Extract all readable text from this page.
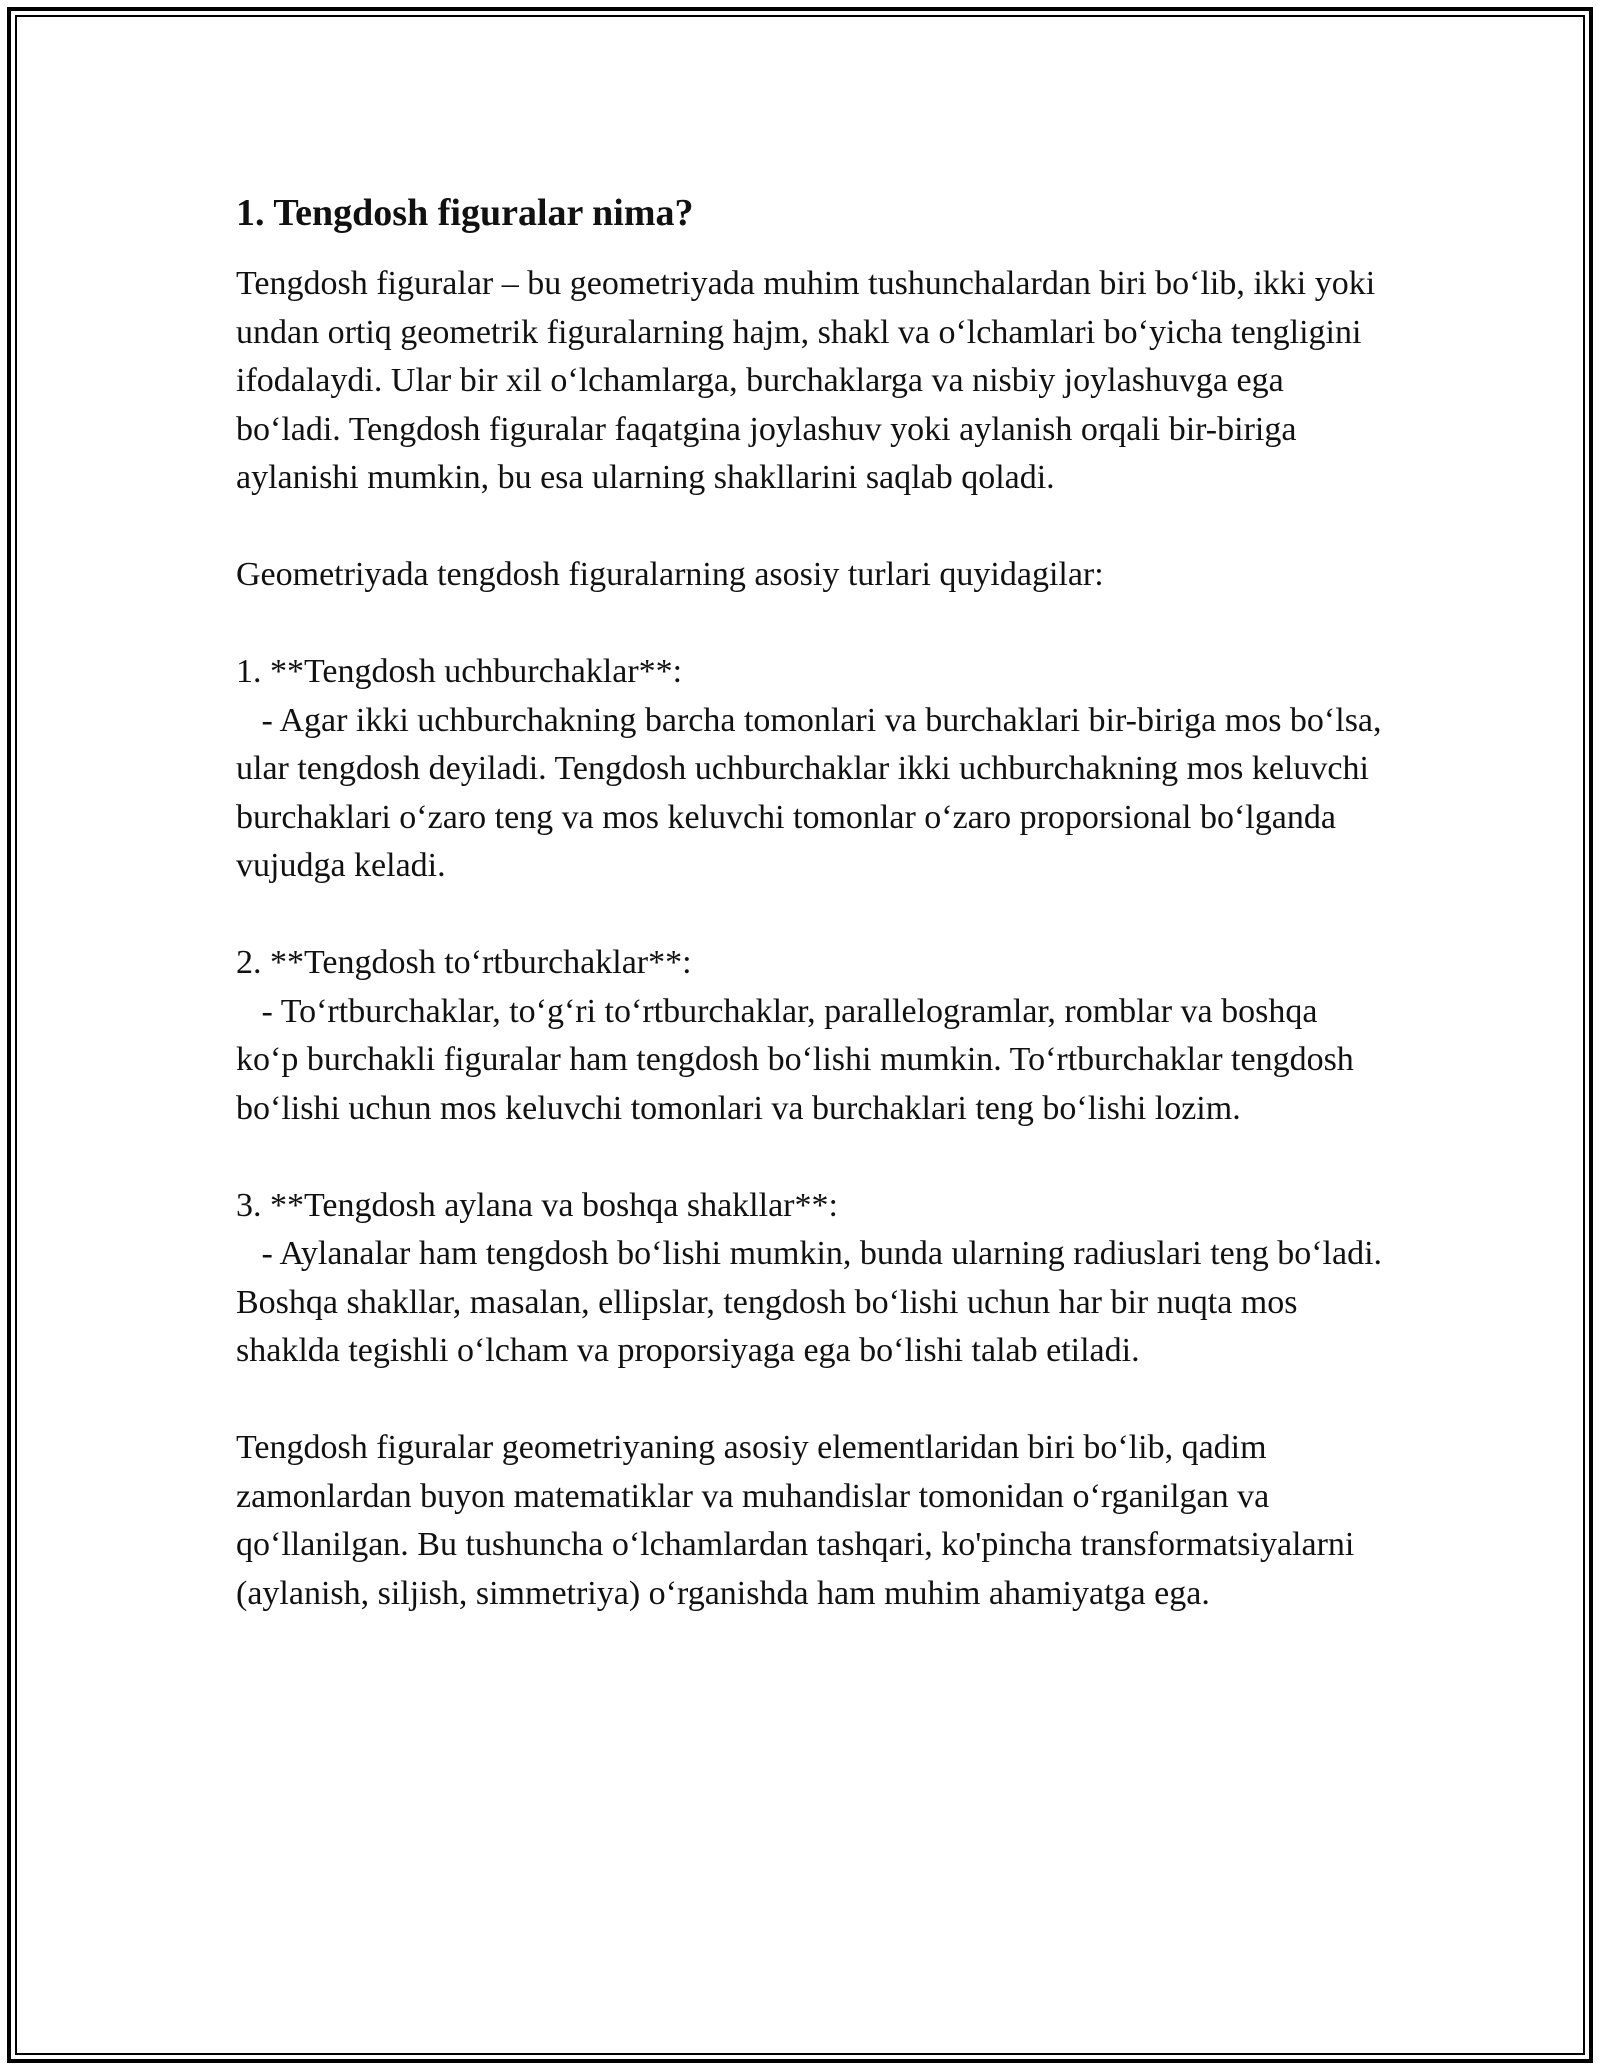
1. Tengdosh figuralar nima?

Tengdosh figuralar – bu geometriyada muhim tushunchalardan biri bo‘lib, ikki yoki undan ortiq geometrik figuralarning hajm, shakl va o‘lchamlari bo‘yicha tengligini ifodalaydi. Ular bir xil o‘lchamlarga, burchaklarga va nisbiy joylashuvga ega bo‘ladi. Tengdosh figuralar faqatgina joylashuv yoki aylanish orqali bir-biriga aylanishi mumkin, bu esa ularning shakllarini saqlab qoladi.

Geometriyada tengdosh figuralarning asosiy turlari quyidagilar:

1. **Tengdosh uchburchaklar**:

- Agar ikki uchburchakning barcha tomonlari va burchaklari bir-biriga mos bo‘lsa, ular tengdosh deyiladi. Tengdosh uchburchaklar ikki uchburchakning mos keluvchi burchaklari o‘zaro teng va mos keluvchi tomonlar o‘zaro proporsional bo‘lganda vujudga keladi.

2. **Tengdosh to‘rtburchaklar**:

- To‘rtburchaklar, to‘g‘ri to‘rtburchaklar, parallelogramlar, romblar va boshqa ko‘p burchakli figuralar ham tengdosh bo‘lishi mumkin. To‘rtburchaklar tengdosh bo‘lishi uchun mos keluvchi tomonlari va burchaklari teng bo‘lishi lozim.

3. **Tengdosh aylana va boshqa shakllar**:

- Aylanalar ham tengdosh bo‘lishi mumkin, bunda ularning radiuslari teng bo‘ladi. Boshqa shakllar, masalan, ellipslar, tengdosh bo‘lishi uchun har bir nuqta mos shaklda tegishli o‘lcham va proporsiyaga ega bo‘lishi talab etiladi.

Tengdosh figuralar geometriyaning asosiy elementlaridan biri bo‘lib, qadim zamonlardan buyon matematiklar va muhandislar tomonidan o‘rganilgan va qo‘llanilgan. Bu tushuncha o‘lchamlardan tashqari, ko'pincha transformatsiyalarni (aylanish, siljish, simmetriya) o‘rganishda ham muhim ahamiyatga ega.
